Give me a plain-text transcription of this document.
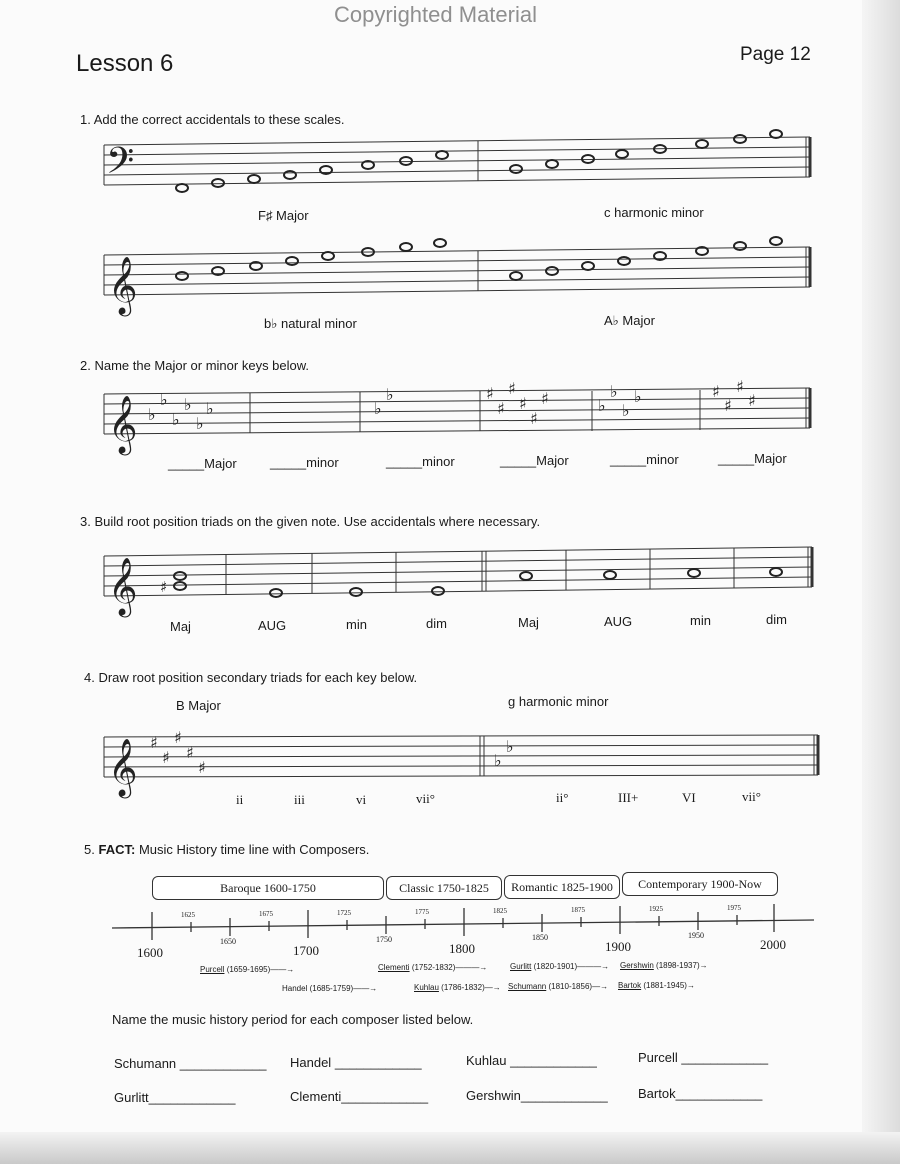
Copyrighted Material
Lesson 6	Page 12
𝄢
𝄞
𝄞
𝄞
𝄞
♭
♭
♭
♭
♭
♭	♭
♭	♯
♯
♯
♯
♯
♯	♭
♭
♭
♭	♯
♯
♯
♯
♯
♯
♯
♯
♯
♯	♭
♭
1. Add the correct accidentals to these scales.
F♯ Major	c harmonic minor
b♭ natural minor	A♭ Major
2. Name the Major or minor keys below.
_____Major	_____minor	_____minor	_____Major	_____minor	_____Major
3. Build root position triads on the given note. Use accidentals where necessary.
Maj	AUG	min	dim	Maj	AUG	min	dim
4. Draw root position secondary triads for each key below.
B Major	g harmonic minor
ii	iii	vi	vii°	ii°	III+	VI	vii°
5. FACT: Music History time line with Composers.
Baroque 1600-1750	Classic 1750-1825	Romantic 1825-1900	Contemporary 1900-Now
1600	1700	1800	1900	2000
1650	1750	1850	1950
1625	1675	1725	1775	1825	1875	1925	1975
Purcell (1659-1695)——→	Clementi (1752-1832)———→	Gurlitt (1820-1901)———→ Gershwin (1898-1937)→
Handel (1685-1759)——→	Kuhlau (1786-1832)—→ Schumann (1810-1856)—→ Bartok (1881-1945)→
Name the music history period for each composer listed below.
Schumann ____________ Handel ____________	Kuhlau ____________	Purcell ____________
Gurlitt____________	Clementi____________	Gershwin____________ Bartok____________
